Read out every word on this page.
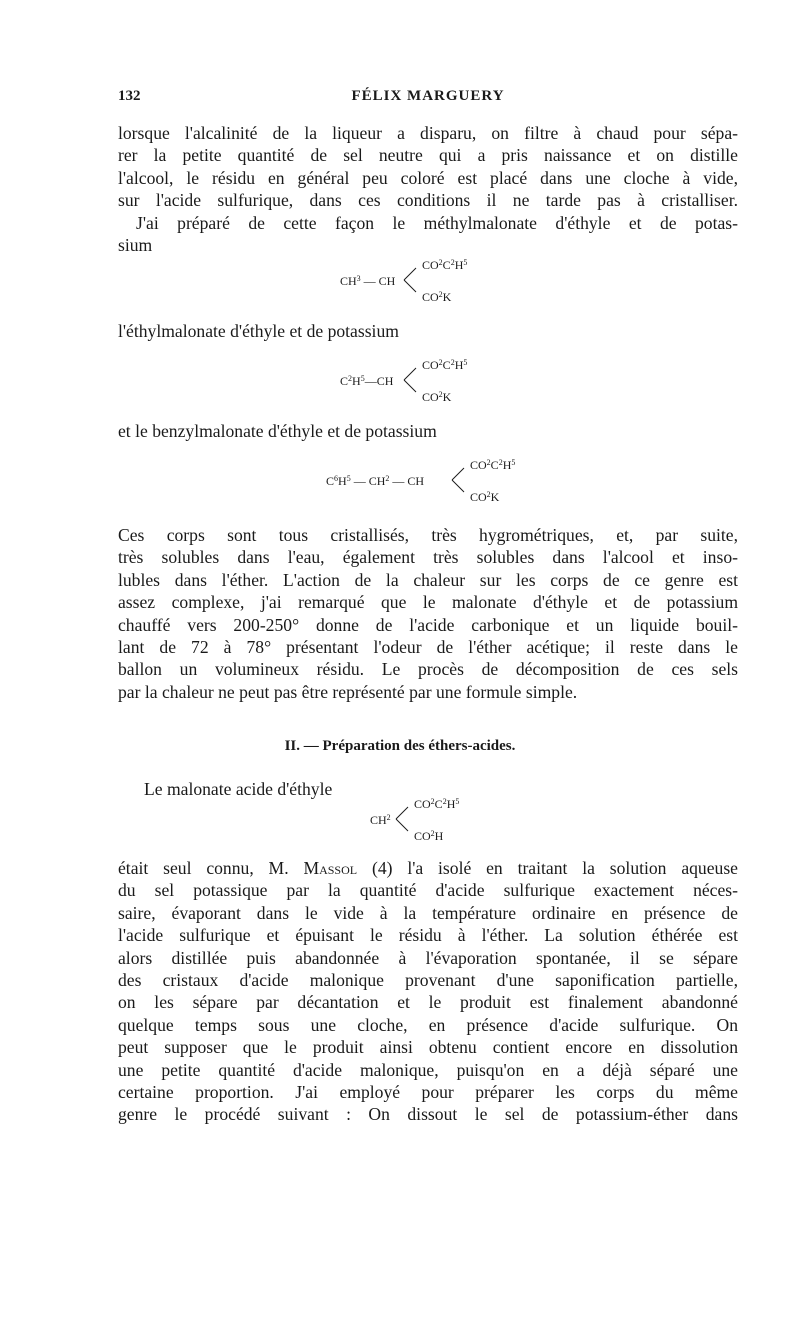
132	FÉLIX MARGUERY
lorsque l'alcalinité de la liqueur a disparu, on filtre à chaud pour sépa-
rer la petite quantité de sel neutre qui a pris naissance et on distille
l'alcool, le résidu en général peu coloré est placé dans une cloche à vide,
sur l'acide sulfurique, dans ces conditions il ne tarde pas à cristalliser.
J'ai préparé de cette façon le méthylmalonate d'éthyle et de potas-
sium
$CH^3$ — CH
$CO^2C^2H^5$
$CO^2K$

l'éthylmalonate d'éthyle et de potassium

$C^2H^5—CH$
$CO^2C^2H^5$
$CO^2K$

et le benzylmalonate d'éthyle et de potassium

$C^6H^5$ — $CH^2$ — CH
$CO^2C^2H^5$
$CO^2K$
Ces corps sont tous cristallisés, très hygrométriques, et, par suite,
très solubles dans l'eau, également très solubles dans l'alcool et inso-
lubles dans l'éther. L'action de la chaleur sur les corps de ce genre est
assez complexe, j'ai remarqué que le malonate d'éthyle et de potassium
chauffé vers 200-250° donne de l'acide carbonique et un liquide bouil-
lant de 72 à 78° présentant l'odeur de l'éther acétique; il reste dans le
ballon un volumineux résidu. Le procès de décomposition de ces sels
par la chaleur ne peut pas être représenté par une formule simple.

II. — Préparation des éthers-acides.

Le malonate acide d'éthyle

$CH^2$
$CO^2C^2H^5$
$CO^2H$
était seul connu, M. Massol (4) l'a isolé en traitant la solution aqueuse
du sel potassique par la quantité d'acide sulfurique exactement néces-
saire, évaporant dans le vide à la température ordinaire en présence de
l'acide sulfurique et épuisant le résidu à l'éther. La solution éthérée est
alors distillée puis abandonnée à l'évaporation spontanée, il se sépare
des cristaux d'acide malonique provenant d'une saponification partielle,
on les sépare par décantation et le produit est finalement abandonné
quelque temps sous une cloche, en présence d'acide sulfurique. On
peut supposer que le produit ainsi obtenu contient encore en dissolution
une petite quantité d'acide malonique, puisqu'on en a déjà séparé une
certaine proportion. J'ai employé pour préparer les corps du même
genre le procédé suivant : On dissout le sel de potassium-éther dans
